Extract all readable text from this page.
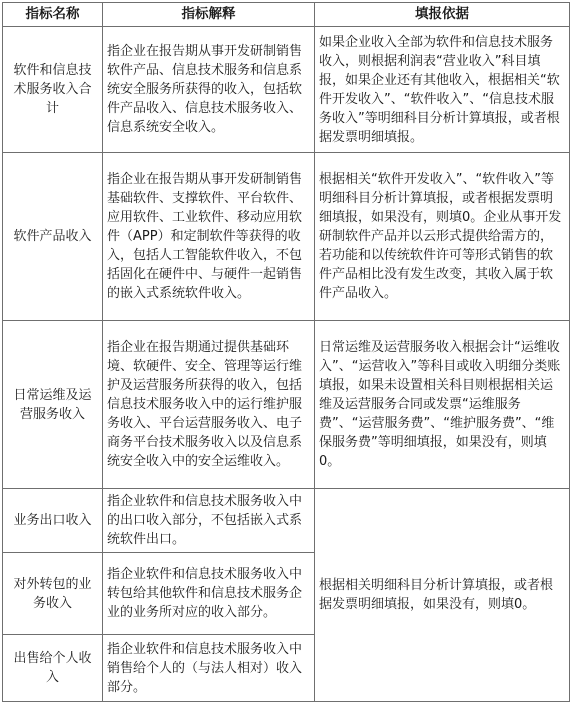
指标名称	指标解释	填报依据
软件和信息技术服务收入合计	指企业在报告期从事开发研制销售软件产品、信息技术服务和信息系统安全服务所获得的收入，包括软件产品收入、信息技术服务收入、信息系统安全收入。	如果企业收入全部为软件和信息技术服务收入，则根据利润表“营业收入”科目填报，如果企业还有其他收入，根据相关“软件开发收入”、“软件收入”、“信息技术服务收入”等明细科目分析计算填报，或者根据发票明细填报。
软件产品收入	指企业在报告期从事开发研制销售基础软件、支撑软件、平台软件、应用软件、工业软件、移动应用软件（APP）和定制软件等获得的收入，包括人工智能软件收入，不包括固化在硬件中、与硬件一起销售的嵌入式系统软件收入。	根据相关“软件开发收入”、“软件收入”等明细科目分析计算填报，或者根据发票明细填报，如果没有，则填0。企业从事开发研制软件产品并以云形式提供给需方的，若功能和以传统软件许可等形式销售的软件产品相比没有发生改变，其收入属于软件产品收入。
日常运维及运营服务收入	指企业在报告期通过提供基础环境、软硬件、安全、管理等运行维护及运营服务所获得的收入，包括信息技术服务收入中的运行维护服务收入、平台运营服务收入、电子商务平台技术服务收入以及信息系统安全收入中的安全运维收入。	日常运维及运营服务收入根据会计“运维收入”、“运营收入”等科目或收入明细分类账填报，如果未设置相关科目则根据相关运维及运营服务合同或发票“运维服务费”、“运营服务费”、“维护服务费”、“维保服务费”等明细填报，如果没有，则填0。
业务出口收入	指企业软件和信息技术服务收入中的出口收入部分，不包括嵌入式系统软件出口。	根据相关明细科目分析计算填报，或者根据发票明细填报，如果没有，则填0。
对外转包的业务收入	指企业软件和信息技术服务收入中转包给其他软件和信息技术服务企业的业务所对应的收入部分。	
出售给个人收入	指企业软件和信息技术服务收入中销售给个人的（与法人相对）收入部分。	
